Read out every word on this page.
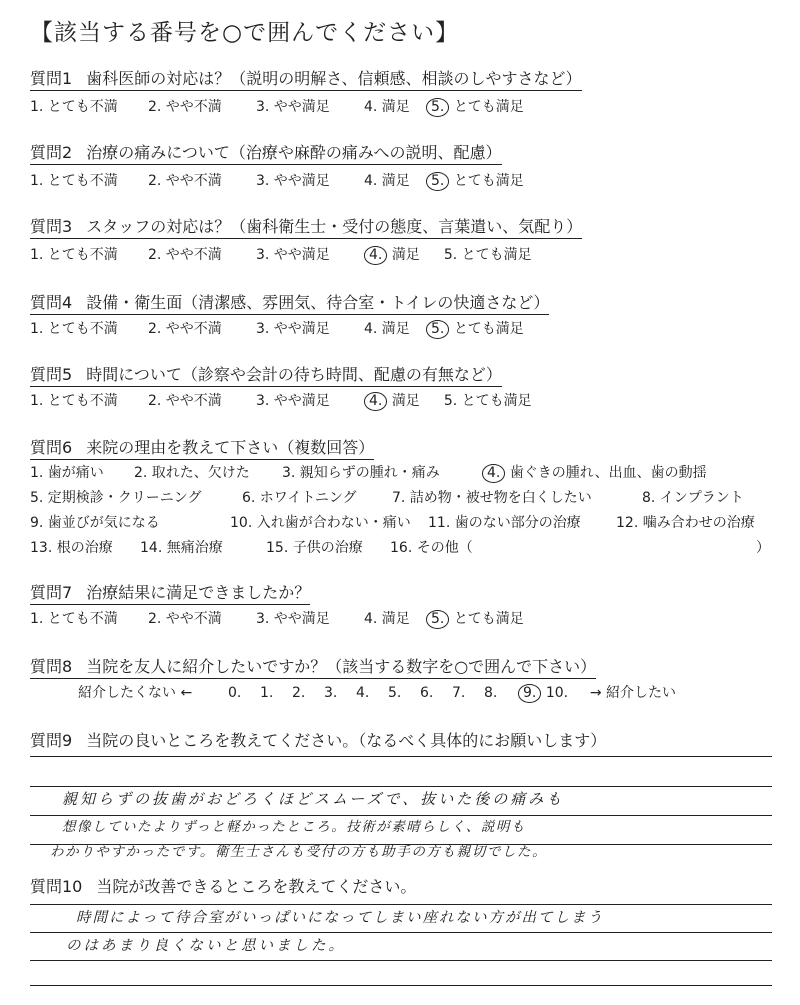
【該当する番号を○で囲んでください】
質問1 歯科医師の対応は？（説明の明解さ、信頼感、相談のしやすさなど）
1. とても不満 2. やや不満 3. やや満足 4. 満足 5. とても満足
質問2 治療の痛みについて（治療や麻酔の痛みへの説明、配慮）
1. とても不満 2. やや不満 3. やや満足 4. 満足 5. とても満足
質問3 スタッフの対応は？（歯科衛生士・受付の態度、言葉遣い、気配り）
1. とても不満 2. やや不満 3. やや満足	4. 満足 5. とても満足
質問4 設備・衛生面（清潔感、雰囲気、待合室・トイレの快適さなど）
1. とても不満 2. やや不満 3. やや満足 4. 満足 5. とても満足
質問5 時間について（診察や会計の待ち時間、配慮の有無など）
1. とても不満 2. やや不満 3. やや満足	4. 満足 5. とても満足
質問6 来院の理由を教えて下さい（複数回答）
1. 歯が痛い 2. 取れた、欠けた 3. 親知らずの腫れ・痛み	4. 歯ぐきの腫れ、出血、歯の動揺
5. 定期検診・クリーニング	6. ホワイトニング	7. 詰め物・被せ物を白くしたい	8. インプラント
9. 歯並びが気になる	10. 入れ歯が合わない・痛い 11. 歯のない部分の治療	12. 噛み合わせの治療
13. 根の治療 14. 無痛治療	15. 子供の治療 16. その他（	）
質問7 治療結果に満足できましたか？
1. とても不満 2. やや不満 3. やや満足 4. 満足 5. とても満足
質問8 当院を友人に紹介したいですか？（該当する数字を○で囲んで下さい）
紹介したくない ←	0. 1. 2. 3. 4. 5. 6. 7. 8. 9. 10. → 紹介したい
質問9 当院の良いところを教えてください。（なるべく具体的にお願いします）
親知らずの抜歯がおどろくほどスムーズで、抜いた後の痛みも
想像していたよりずっと軽かったところ。技術が素晴らしく、説明も
わかりやすかったです。衛生士さんも受付の方も助手の方も親切でした。
質問10 当院が改善できるところを教えてください。
時間によって待合室がいっぱいになってしまい座れない方が出てしまう
のはあまり良くないと思いました。
